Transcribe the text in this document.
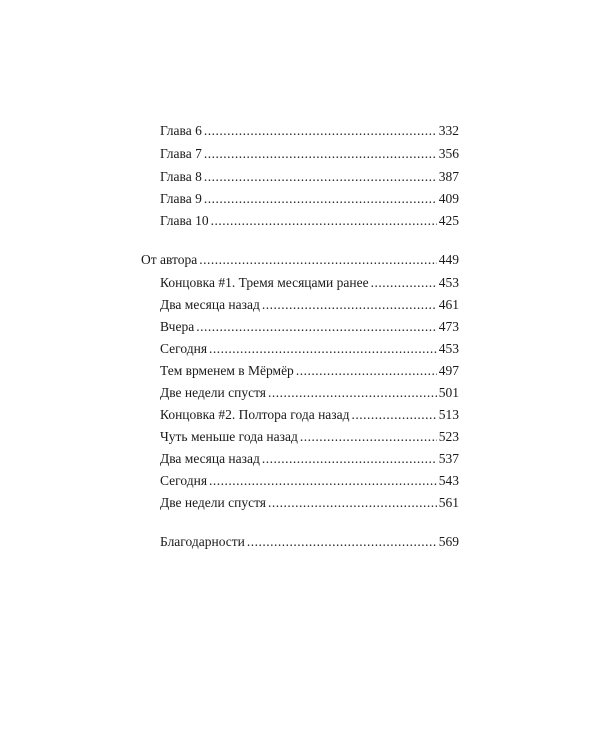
Глава 6 .....	332
Глава 7 .....	356
Глава 8 .....	387
Глава 9 .....	409
Глава 10 .....	425
От автора .....	449
Концовка #1. Тремя месяцами ранее .....	453
Два месяца назад .....	461
Вчера .....	473
Сегодня .....	453
Тем врменем в Мёрмёр .....	497
Две недели спустя .....	501
Концовка #2. Полтора года назад .....	513
Чуть меньше года назад .....	523
Два месяца назад .....	537
Сегодня .....	543
Две недели спустя .....	561
Благодарности .....	569
